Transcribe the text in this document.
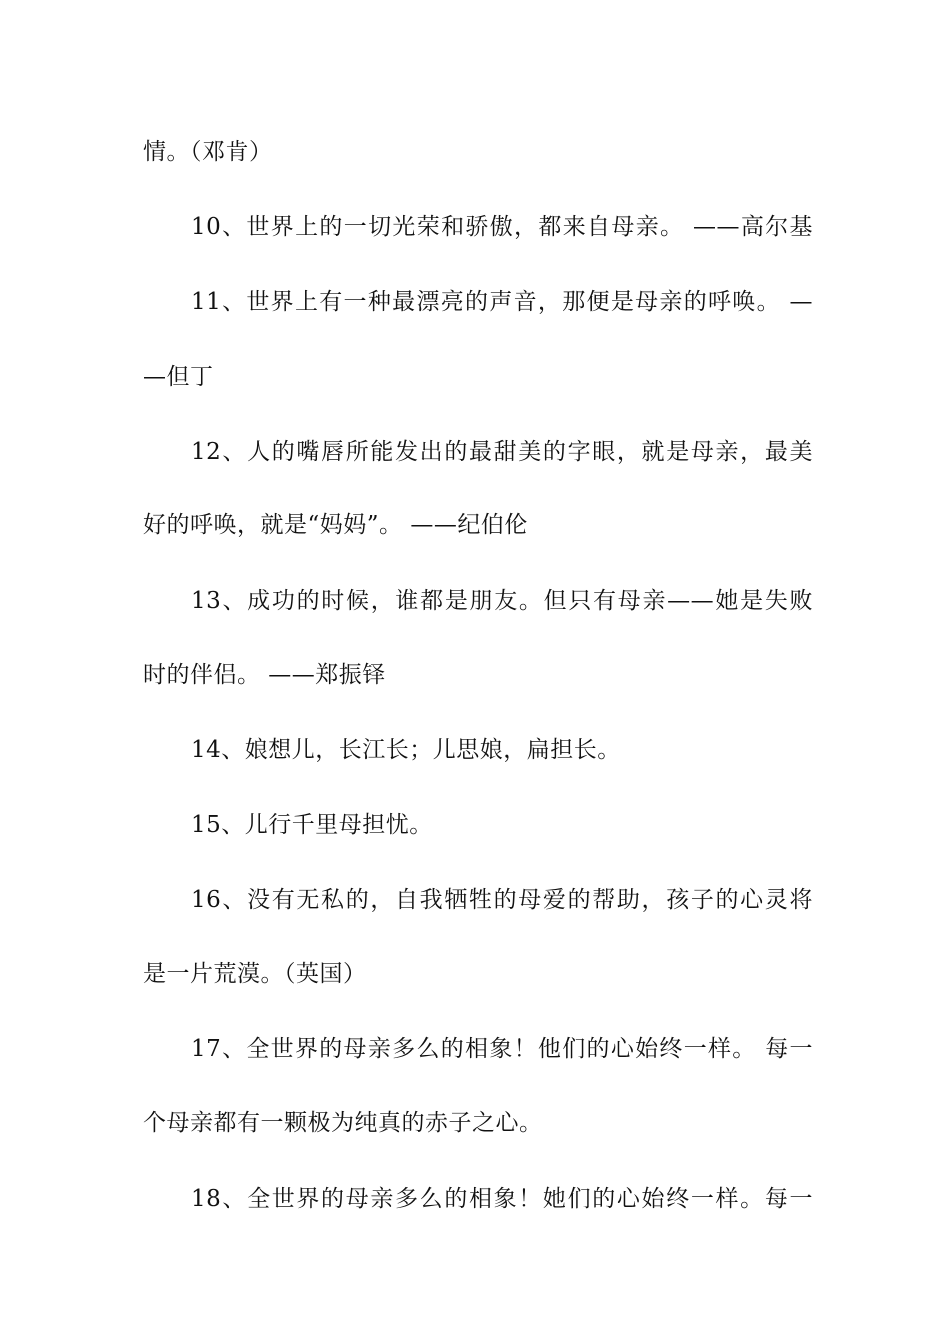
情。（邓肯）
10、世界上的一切光荣和骄傲，都来自母亲。 ——高尔基
11、世界上有一种最漂亮的声音，那便是母亲的呼唤。 —
—但丁
12、人的嘴唇所能发出的最甜美的字眼，就是母亲，最美
好的呼唤，就是“妈妈”。 ——纪伯伦
13、成功的时候，谁都是朋友。但只有母亲——她是失败
时的伴侣。 ——郑振铎
14、娘想儿，长江长；儿思娘，扁担长。
15、儿行千里母担忧。
16、没有无私的，自我牺牲的母爱的帮助，孩子的心灵将
是一片荒漠。（英国）
17、全世界的母亲多么的相象！他们的心始终一样。 每一
个母亲都有一颗极为纯真的赤子之心。
18、全世界的母亲多么的相象！她们的心始终一样。每一
